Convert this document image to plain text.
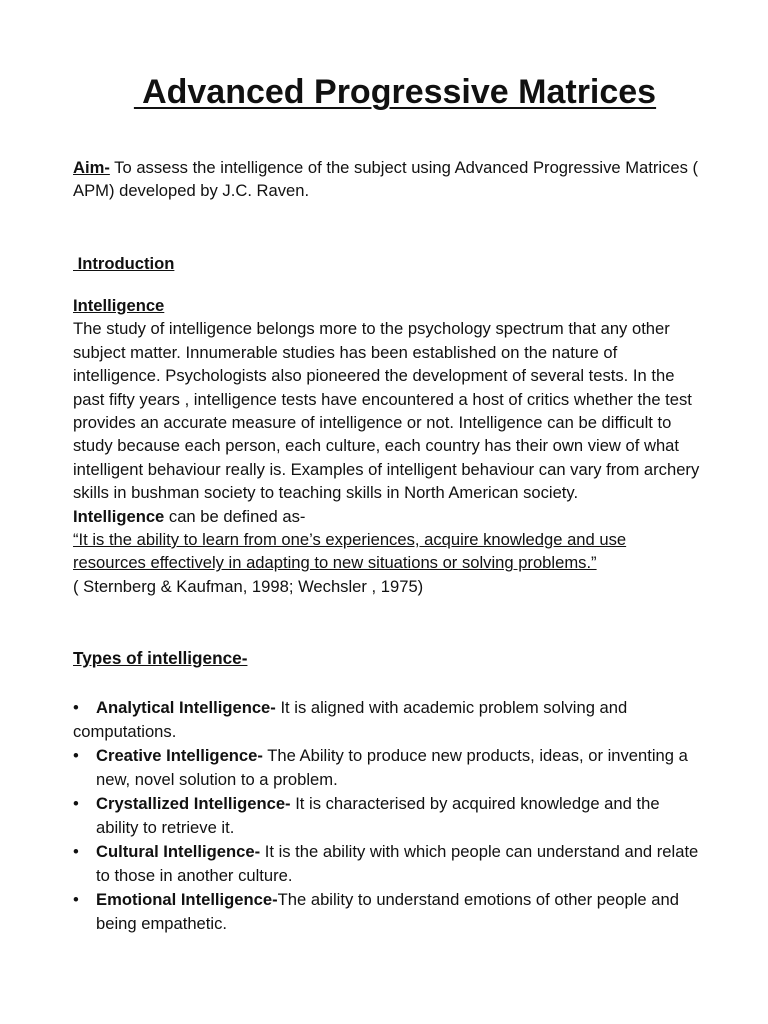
Advanced Progressive Matrices
Aim- To assess the intelligence of the subject using Advanced Progressive Matrices ( APM) developed by J.C. Raven.
Introduction
Intelligence
The study of intelligence belongs more to the psychology spectrum that any other subject matter. Innumerable studies has been established on the nature of intelligence. Psychologists also pioneered the development of several tests. In the past fifty years , intelligence tests have encountered a host of critics whether the test provides an accurate measure of intelligence or not. Intelligence can be difficult to study because each person, each culture, each country has their own view of what intelligent behaviour really is. Examples of intelligent behaviour can vary from archery skills in bushman society to teaching skills in North American society.
Intelligence can be defined as-
“It is the ability to learn from one’s experiences, acquire knowledge and use resources effectively in adapting to new situations or solving problems.”
( Sternberg & Kaufman, 1998; Wechsler , 1975)
Types of intelligence-
• Analytical Intelligence- It is aligned with academic problem solving and
computations.
• Creative Intelligence- The Ability to produce new products, ideas, or inventing a new, novel solution to a problem.
• Crystallized Intelligence- It is characterised by acquired knowledge and the ability to retrieve it.
• Cultural Intelligence- It is the ability with which people can understand and relate to those in another culture.
• Emotional Intelligence-The ability to understand emotions of other people and being empathetic.
